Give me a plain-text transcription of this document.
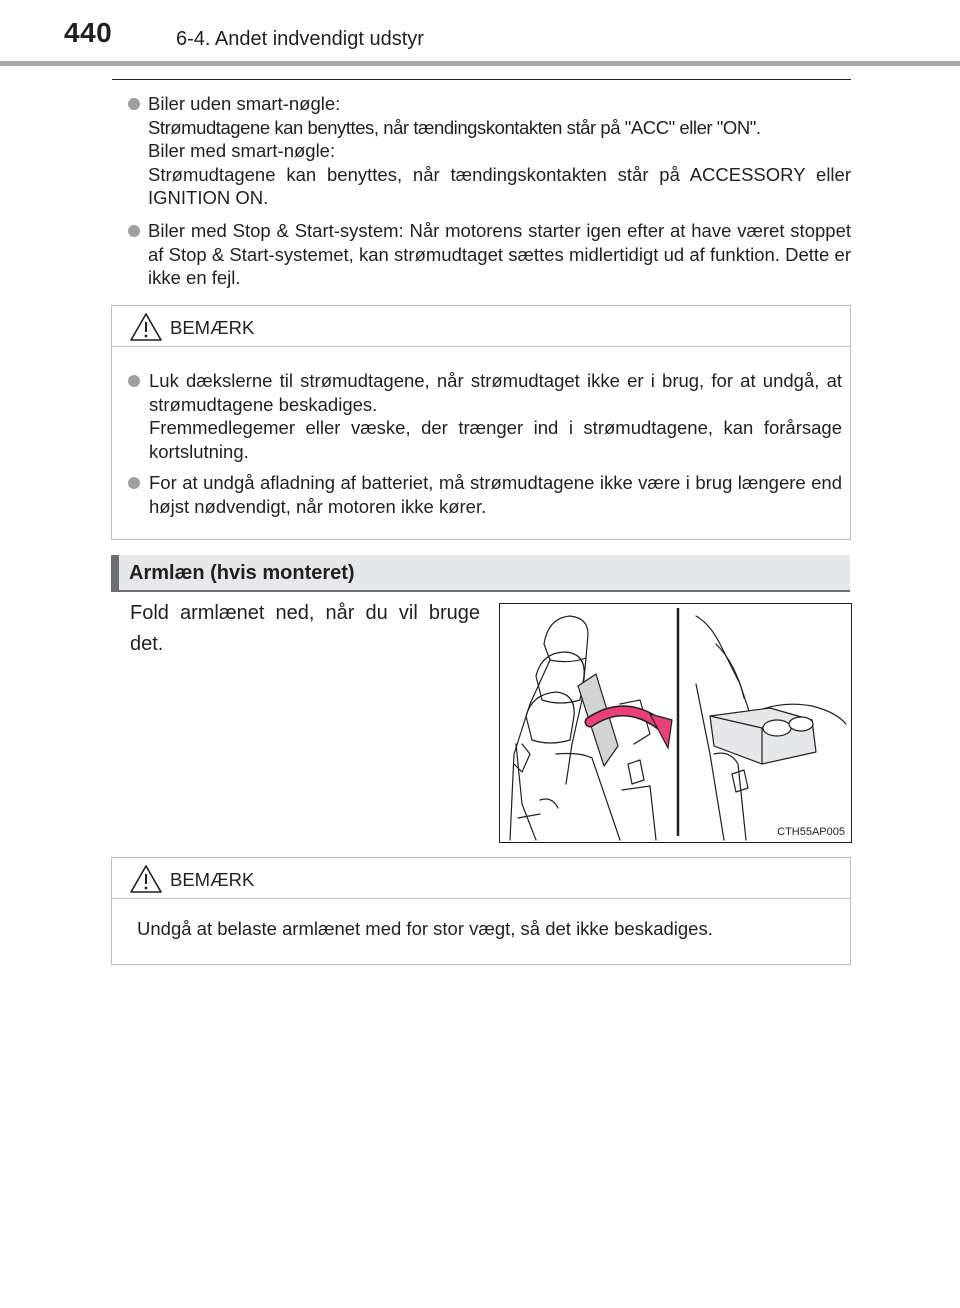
440	6-4. Andet indvendigt udstyr
Biler uden smart-nøgle:
Strømudtagene kan benyttes, når tændingskontakten står på "ACC" eller "ON".
Biler med smart-nøgle:
Strømudtagene kan benyttes, når tændingskontakten står på ACCESSORY eller IGNITION ON.
Biler med Stop & Start-system: Når motorens starter igen efter at have været stoppet af Stop & Start-systemet, kan strømudtaget sættes midlertidigt ud af funktion. Dette er ikke en fejl.
BEMÆRK
Luk dækslerne til strømudtagene, når strømudtaget ikke er i brug, for at undgå, at strømudtagene beskadiges.
Fremmedlegemer eller væske, der trænger ind i strømudtagene, kan forårsage kortslutning.
For at undgå afladning af batteriet, må strømudtagene ikke være i brug længere end højst nødvendigt, når motoren ikke kører.
Armlæn (hvis monteret)
Fold armlænet ned, når du vil bruge det.
CTH55AP005
BEMÆRK
Undgå at belaste armlænet med for stor vægt, så det ikke beskadiges.
